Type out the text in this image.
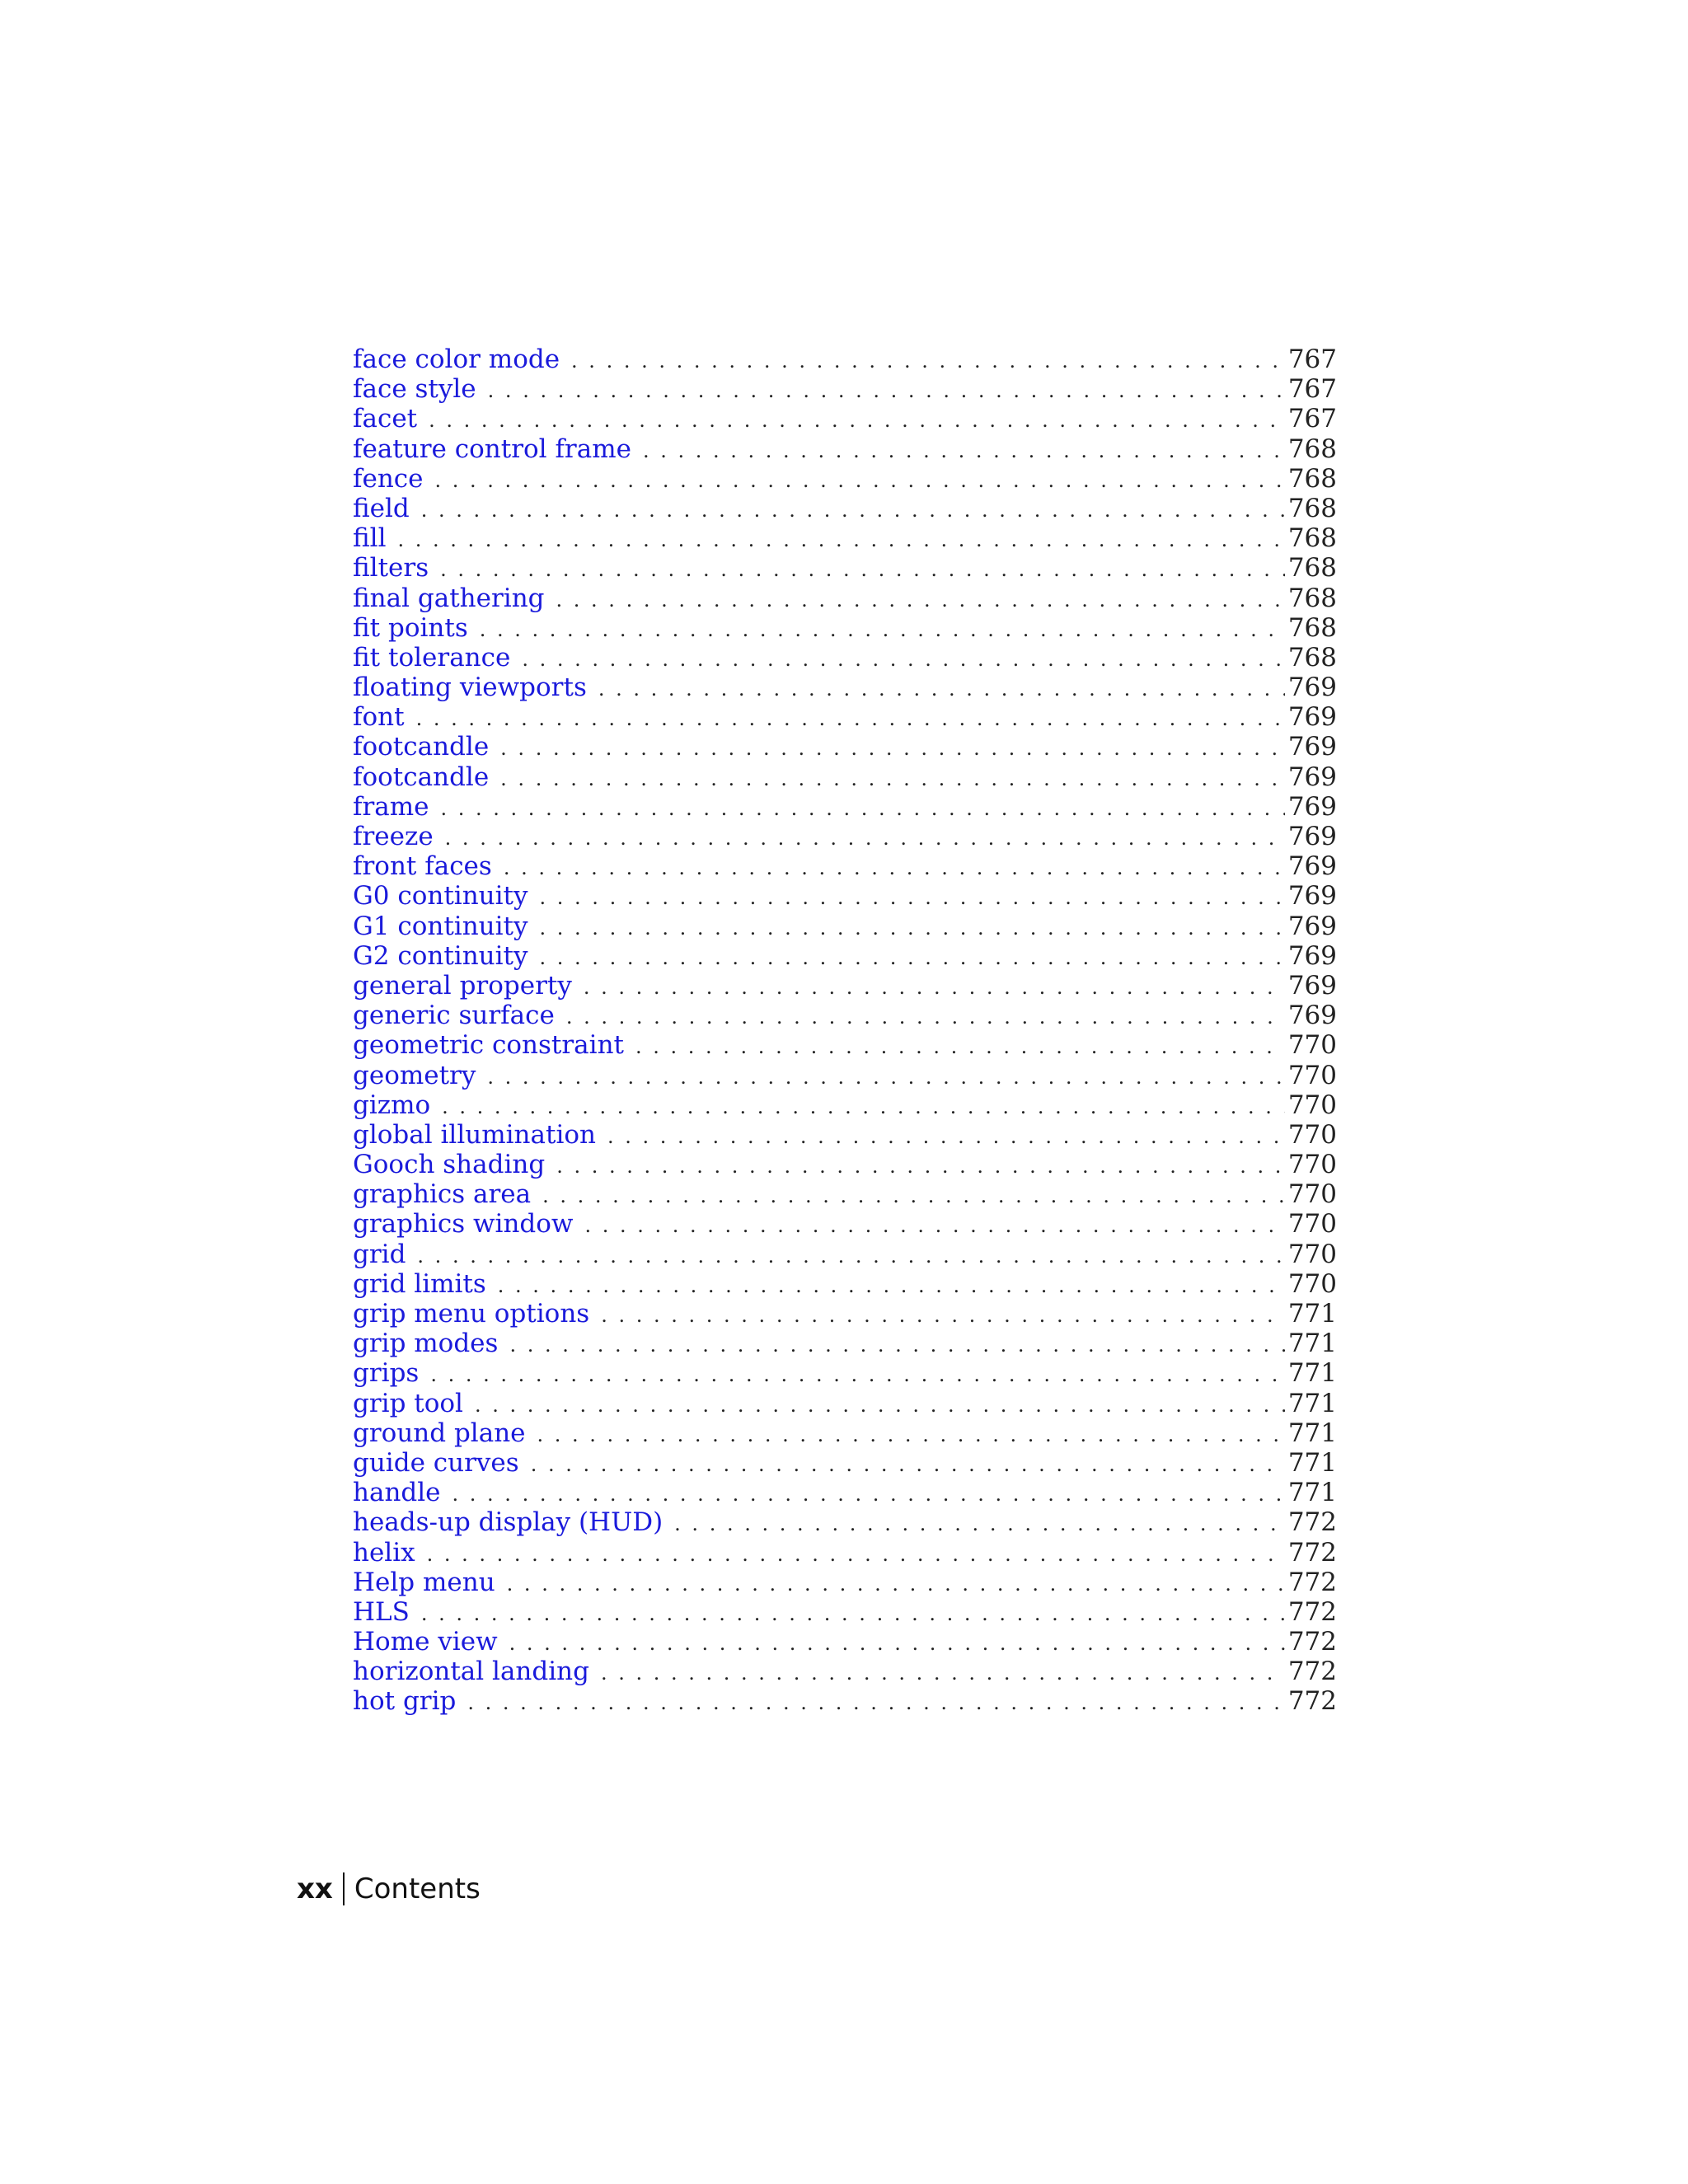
face color mode . . .	767
face style . . .	767
facet . . .	767
feature control frame . . .	768
fence . . .	768
field . . .	768
fill . . .	768
filters . . .	768
final gathering . . .	768
fit points . . .	768
fit tolerance . . .	768
floating viewports . . .	769
font . . .	769
footcandle . . .	769
footcandle . . .	769
frame . . .	769
freeze . . .	769
front faces . . .	769
G0 continuity . . .	769
G1 continuity . . .	769
G2 continuity . . .	769
general property . . .	769
generic surface . . .	769
geometric constraint . . .	770
geometry . . .	770
gizmo . . .	770
global illumination . . .	770
Gooch shading . . .	770
graphics area . . .	770
graphics window . . .	770
grid . . .	770
grid limits . . .	770
grip menu options . . .	771
grip modes . . .	771
grips . . .	771
grip tool . . .	771
ground plane . . .	771
guide curves . . .	771
handle . . .	771
heads-up display (HUD) . . .	772
helix . . .	772
Help menu . . .	772
HLS . . .	772
Home view . . .	772
horizontal landing . . .	772
hot grip . . .	772
xx Contents
